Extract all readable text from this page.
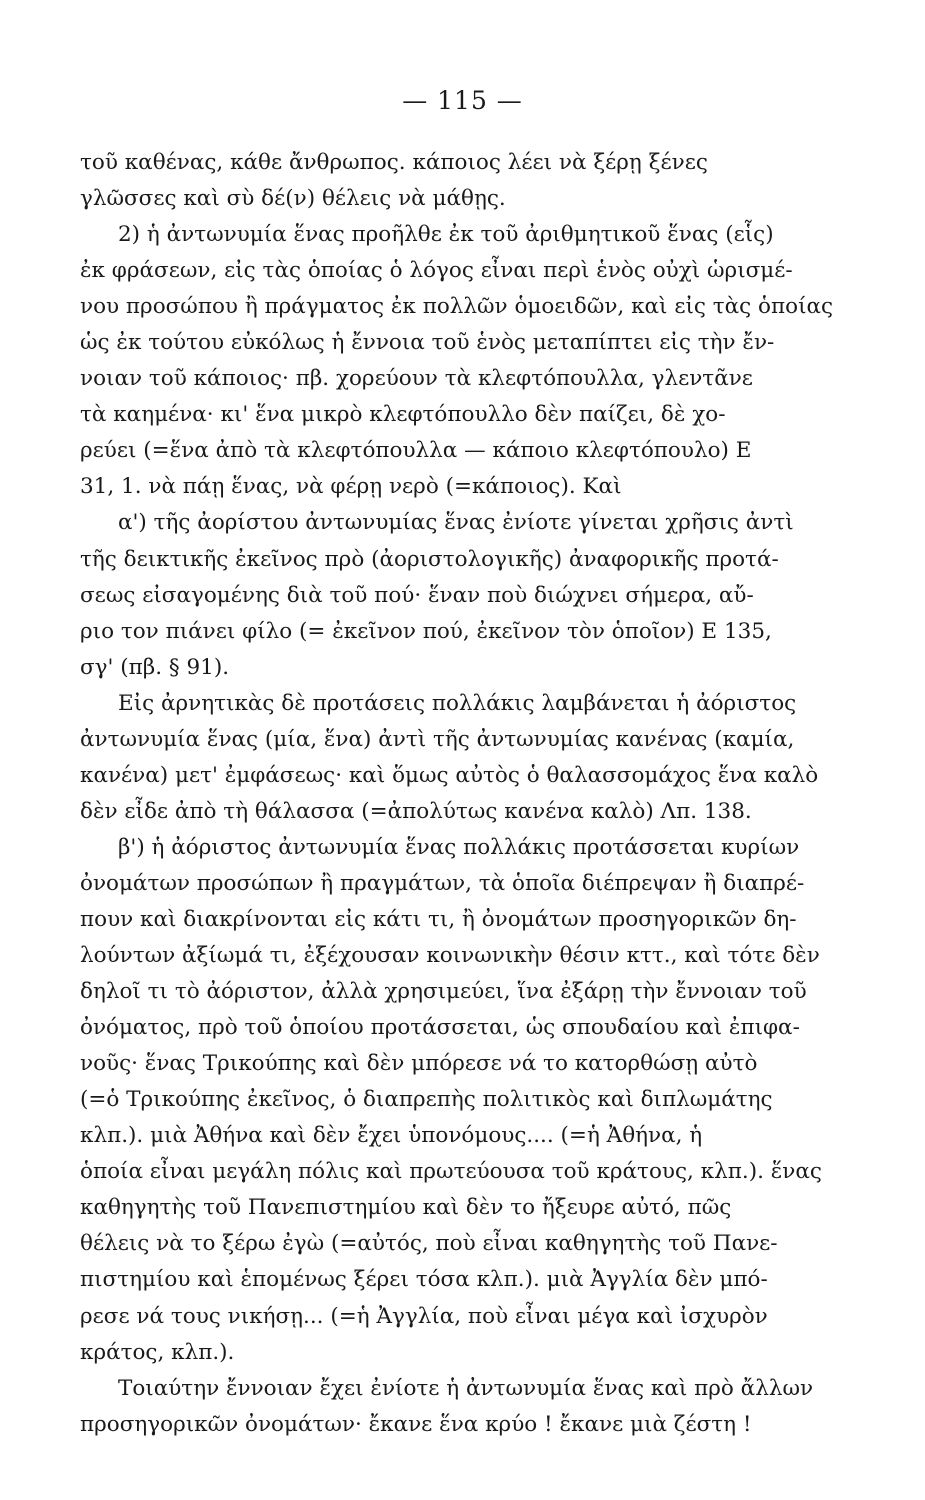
— 115 —
τοῦ καθένας, κάθε ἄνθρωπος. κάποιος λέει νὰ ξέρῃ ξένες
γλῶσσες καὶ σὺ δέ(ν) θέλεις νὰ μάθῃς.
2) ἡ ἀντωνυμία ἕνας προῆλθε ἐκ τοῦ ἀριθμητικοῦ ἕνας (εἷς)
ἐκ φράσεων, εἰς τὰς ὁποίας ὁ λόγος εἶναι περὶ ἑνὸς οὐχὶ ὡρισμέ-
νου προσώπου ἢ πράγματος ἐκ πολλῶν ὁμοειδῶν, καὶ εἰς τὰς ὁποίας
ὡς ἐκ τούτου εὐκόλως ἡ ἔννοια τοῦ ἑνὸς μεταπίπτει εἰς τὴν ἔν-
νοιαν τοῦ κάποιος· πβ. χορεύουν τὰ κλεφτόπουλλα, γλεντᾶνε
τὰ καημένα· κι' ἕνα μικρὸ κλεφτόπουλλο δὲν παίζει, δὲ χο-
ρεύει (=ἕνα ἀπὸ τὰ κλεφτόπουλλα — κάποιο κλεφτόπουλο) Ε
31, 1. νὰ πάῃ ἕνας, νὰ φέρῃ νερὸ (=κάποιος). Καὶ
α') τῆς ἀορίστου ἀντωνυμίας ἕνας ἐνίοτε γίνεται χρῆσις ἀντὶ
τῆς δεικτικῆς ἐκεῖνος πρὸ (ἀοριστολογικῆς) ἀναφορικῆς προτά-
σεως εἰσαγομένης διὰ τοῦ πού· ἕναν ποὺ διώχνει σήμερα, αὔ-
ριο τον πιάνει φίλο (= ἐκεῖνον πού, ἐκεῖνον τὸν ὁποῖον) Ε 135,
σγ' (πβ. § 91).
Εἰς ἀρνητικὰς δὲ προτάσεις πολλάκις λαμβάνεται ἡ ἀόριστος
ἀντωνυμία ἕνας (μία, ἕνα) ἀντὶ τῆς ἀντωνυμίας κανένας (καμία,
κανένα) μετ' ἐμφάσεως· καὶ ὅμως αὐτὸς ὁ θαλασσομάχος ἕνα καλὸ
δὲν εἶδε ἀπὸ τὴ θάλασσα (=ἀπολύτως κανένα καλὸ) Λπ. 138.
β') ἡ ἀόριστος ἀντωνυμία ἕνας πολλάκις προτάσσεται κυρίων
ὀνομάτων προσώπων ἢ πραγμάτων, τὰ ὁποῖα διέπρεψαν ἢ διαπρέ-
πουν καὶ διακρίνονται εἰς κάτι τι, ἢ ὀνομάτων προσηγορικῶν δη-
λούντων ἀξίωμά τι, ἐξέχουσαν κοινωνικὴν θέσιν κττ., καὶ τότε δὲν
δηλοῖ τι τὸ ἀόριστον, ἀλλὰ χρησιμεύει, ἵνα ἐξάρῃ τὴν ἔννοιαν τοῦ
ὀνόματος, πρὸ τοῦ ὁποίου προτάσσεται, ὡς σπουδαίου καὶ ἐπιφα-
νοῦς· ἕνας Τρικούπης καὶ δὲν μπόρεσε νά το κατορθώσῃ αὐτὸ
(=ὁ Τρικούπης ἐκεῖνος, ὁ διαπρεπὴς πολιτικὸς καὶ διπλωμάτης
κλπ.). μιὰ Ἀθήνα καὶ δὲν ἔχει ὑπονόμους.... (=ἡ Ἀθήνα, ἡ
ὁποία εἶναι μεγάλη πόλις καὶ πρωτεύουσα τοῦ κράτους, κλπ.). ἕνας
καθηγητὴς τοῦ Πανεπιστημίου καὶ δὲν το ἤξευρε αὐτό, πῶς
θέλεις νὰ το ξέρω ἐγὼ (=αὐτός, ποὺ εἶναι καθηγητὴς τοῦ Πανε-
πιστημίου καὶ ἑπομένως ξέρει τόσα κλπ.). μιὰ Ἀγγλία δὲν μπό-
ρεσε νά τους νικήσῃ... (=ἡ Ἀγγλία, ποὺ εἶναι μέγα καὶ ἰσχυρὸν
κράτος, κλπ.).
Τοιαύτην ἔννοιαν ἔχει ἐνίοτε ἡ ἀντωνυμία ἕνας καὶ πρὸ ἄλλων
προσηγορικῶν ὀνομάτων· ἔκανε ἕνα κρύο ! ἔκανε μιὰ ζέστη !
